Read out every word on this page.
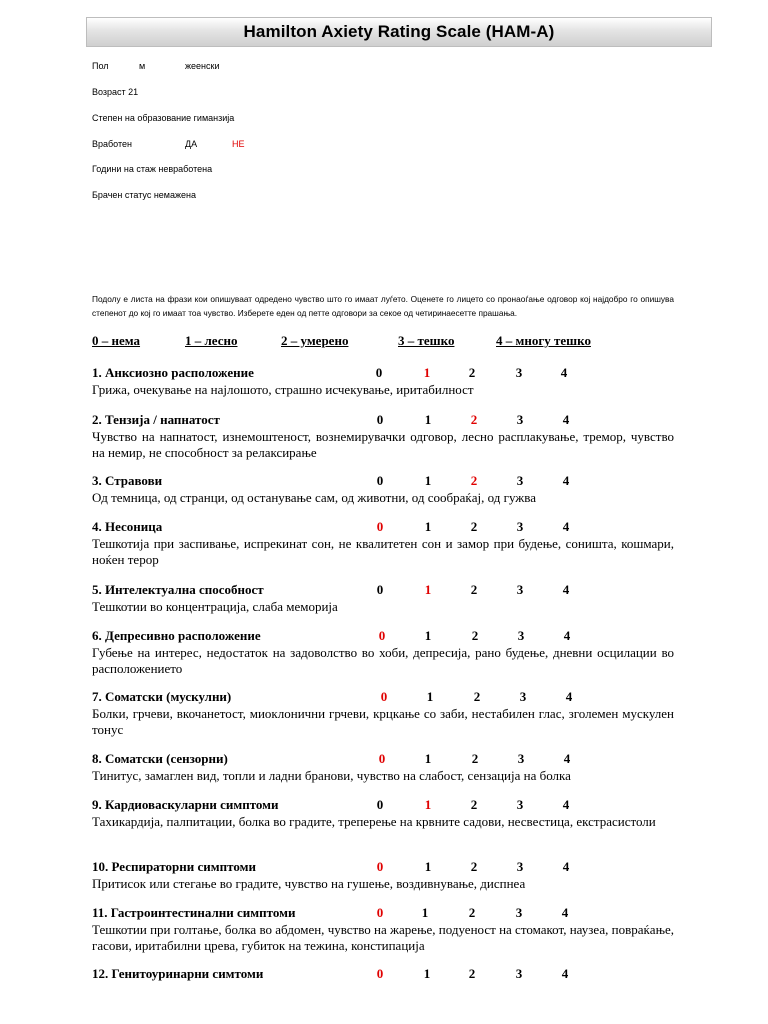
Hamilton Axiety Rating Scale (HAM-A)
Пол	м	жеенски
Возраст 21
Степен на образование гиманзија
Вработен	ДА	НЕ
Години на стаж невработена
Брачен статус немажена
Подолу е листа на фрази кои опишуваат одредено чувство што го имаат луѓето. Оценете го лицето со пронаоѓање одговор кој најдобро го опишува степенот до кој го имаат тоа чувство. Изберете еден од петте одговори за секое од четиринаесетте прашања.
0 – нема	1 – лесно	2 – умерено	3 – тешко	4 – многу тешко
1. Анксиозно расположение	0	1	2	3	4
Грижа, очекување на најлошото, страшно исчекување, иритабилност
2. Тензија / напнатост	0	1	2	3	4
Чувство на напнатост, изнемоштеност, вознемирувачки одговор, лесно расплакување, тремор, чувство на немир, не способност за релаксирање
3. Стравови	0	1	2	3	4
Од темница, од странци, од останување сам, од животни, од сообраќај, од гужва
4. Несоница	0	1	2	3	4
Тешкотија при заспивање, испрекинат сон, не квалитетен сон и замор при будење, соништа, кошмари, ноќен терор
5. Интелектуална способност	0	1	2	3	4
Тешкотии во концентрација, слаба меморија
6. Депресивно расположение	0	1	2	3	4
Губење на интерес, недостаток на задоволство во хоби, депресија, рано будење, дневни осцилации во расположението
7. Соматски (мускулни)	0	1	2	3	4
Болки, грчеви, вкочанетост, миоклонични грчеви, крцкање со заби, нестабилен глас, зголемен мускулен тонус
8. Соматски (сензорни)	0	1	2	3	4
Тинитус, замаглен вид, топли и ладни бранови, чувство на слабост, сензација на болка
9. Кардиоваскуларни симптоми	0	1	2	3	4
Тахикардија, палпитации, болка во градите, треперење на крвните садови, несвестица, екстрасистоли
10. Респираторни симптоми	0	1	2	3	4
Притисок или стегање во градите, чувство на гушење, воздивнување, диспнеа
11. Гастроинтестинални симптоми	0	1	2	3	4
Тешкотии при голтање, болка во абдомен, чувство на жарење, подуеност на стомакот, наузеа, повраќање, гасови, иритабилни црева, губиток на тежина, констипација
12. Генитоуринарни симтоми	0	1	2	3	4
